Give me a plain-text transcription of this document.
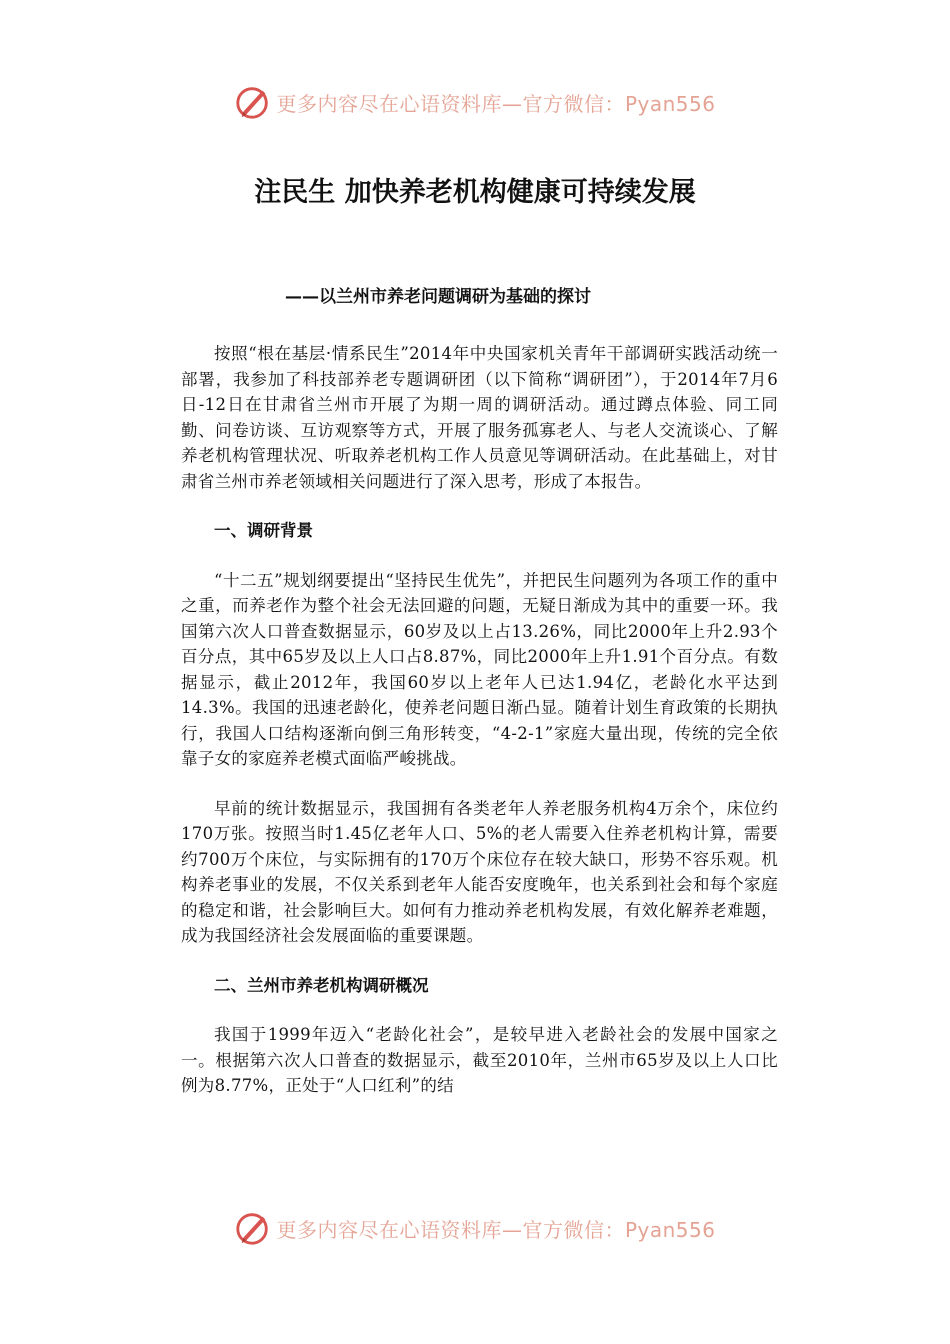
更多内容尽在心语资料库—官方微信：Pyan556
注民生 加快养老机构健康可持续发展
——以兰州市养老问题调研为基础的探讨

按照“根在基层·情系民生”2014年中央国家机关青年干部调研实践活动统一部署，我参加了科技部养老专题调研团（以下简称“调研团”），于2014年7月6日-12日在甘肃省兰州市开展了为期一周的调研活动。通过蹲点体验、同工同勤、问卷访谈、互访观察等方式，开展了服务孤寡老人、与老人交流谈心、了解养老机构管理状况、听取养老机构工作人员意见等调研活动。在此基础上，对甘肃省兰州市养老领域相关问题进行了深入思考，形成了本报告。

一、调研背景

“十二五”规划纲要提出“坚持民生优先”，并把民生问题列为各项工作的重中之重，而养老作为整个社会无法回避的问题，无疑日渐成为其中的重要一环。我国第六次人口普查数据显示，60岁及以上占13.26%，同比2000年上升2.93个百分点，其中65岁及以上人口占8.87%，同比2000年上升1.91个百分点。有数据显示，截止2012年，我国60岁以上老年人已达1.94亿，老龄化水平达到14.3%。我国的迅速老龄化，使养老问题日渐凸显。随着计划生育政策的长期执行，我国人口结构逐渐向倒三角形转变，“4-2-1”家庭大量出现，传统的完全依靠子女的家庭养老模式面临严峻挑战。

早前的统计数据显示，我国拥有各类老年人养老服务机构4万余个，床位约170万张。按照当时1.45亿老年人口、5%的老人需要入住养老机构计算，需要约700万个床位，与实际拥有的170万个床位存在较大缺口，形势不容乐观。机构养老事业的发展，不仅关系到老年人能否安度晚年，也关系到社会和每个家庭的稳定和谐，社会影响巨大。如何有力推动养老机构发展，有效化解养老难题，成为我国经济社会发展面临的重要课题。

二、兰州市养老机构调研概况

我国于1999年迈入“老龄化社会”，是较早进入老龄社会的发展中国家之一。根据第六次人口普查的数据显示，截至2010年，兰州市65岁及以上人口比例为8.77%，正处于“人口红利”的结

更多内容尽在心语资料库—官方微信：Pyan556
